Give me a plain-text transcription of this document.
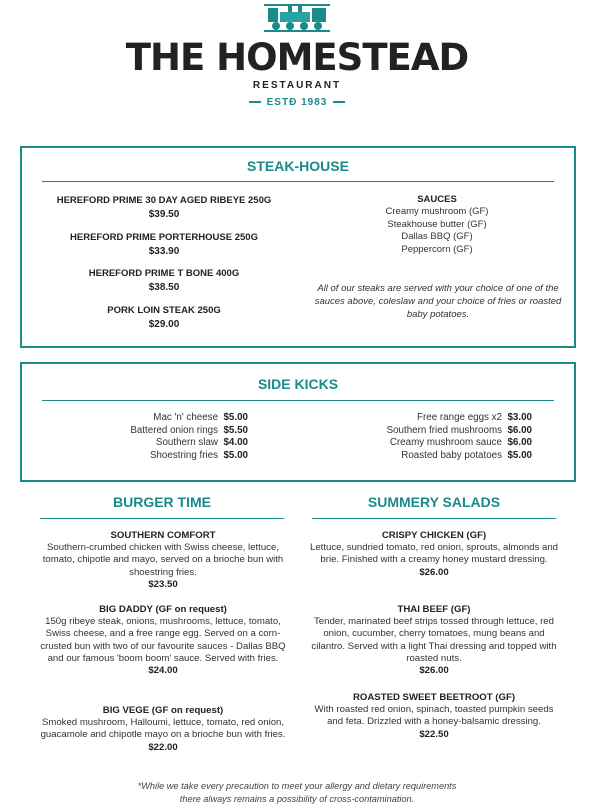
THE HOMESTEAD
RESTAURANT
ESTÐ 1983
STEAK-HOUSE
HEREFORD PRIME 30 DAY AGED RIBEYE 250G
$39.50
HEREFORD PRIME PORTERHOUSE 250G
$33.90
HEREFORD PRIME T BONE 400G
$38.50
PORK LOIN STEAK 250G
$29.00
SAUCES
Creamy mushroom (GF)
Steakhouse butter (GF)
Dallas BBQ (GF)
Peppercorn (GF)
All of our steaks are served with your choice of one of the sauces above, coleslaw and your choice of fries or roasted baby potatoes.
SIDE KICKS
Mac 'n' cheese $5.00
Battered onion rings $5.50
Southern slaw $4.00
Shoestring fries $5.00
Free range eggs x2 $3.00
Southern fried mushrooms $6.00
Creamy mushroom sauce $6.00
Roasted baby potatoes $5.00
BURGER TIME
SOUTHERN COMFORT
Southern-crumbed chicken with Swiss cheese, lettuce, tomato, chipotle and mayo, served on a brioche bun with shoestring fries.
$23.50
BIG DADDY (GF on request)
150g ribeye steak, onions, mushrooms, lettuce, tomato, Swiss cheese, and a free range egg. Served on a corn-crusted bun with two of our favourite sauces - Dallas BBQ and our famous 'boom boom' sauce. Served with fries.
$24.00
BIG VEGE (GF on request)
Smoked mushroom, Halloumi, lettuce, tomato, red onion, guacamole and chipotle mayo on a brioche bun with fries.
$22.00
SUMMERY SALADS
CRISPY CHICKEN (GF)
Lettuce, sundried tomato, red onion, sprouts, almonds and brie. Finished with a creamy honey mustard dressing.
$26.00
THAI BEEF (GF)
Tender, marinated beef strips tossed through lettuce, red onion, cucumber, cherry tomatoes, mung beans and cilantro. Served with a light Thai dressing and topped with roasted nuts.
$26.00
ROASTED SWEET BEETROOT (GF)
With roasted red onion, spinach, toasted pumpkin seeds and feta. Drizzled with a honey-balsamic dressing.
$22.50
*While we take every precaution to meet your allergy and dietary requirements
there always remains a possibility of cross-contamination.
